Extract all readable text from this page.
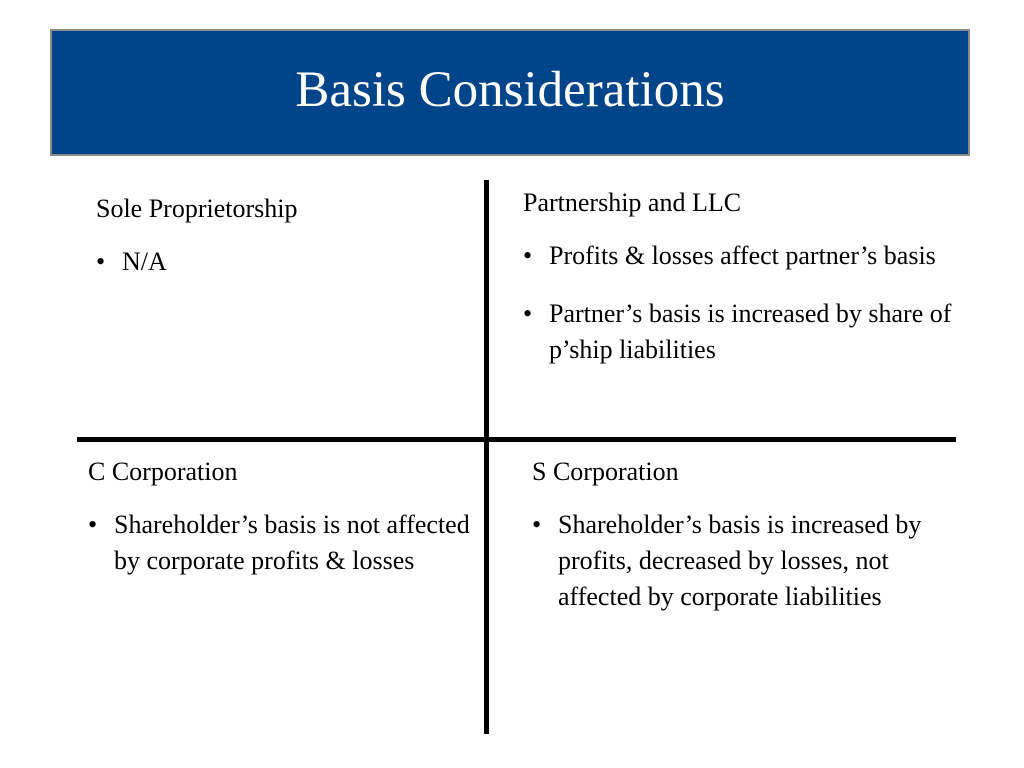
Basis Considerations

Sole Proprietorship

• N/A

Partnership and LLC

• Profits & losses affect partner’s basis
• Partner’s basis is increased by share of p’ship liabilities

C Corporation

• Shareholder’s basis is not affected by corporate profits & losses

S Corporation

• Shareholder’s basis is increased by profits, decreased by losses, not affected by corporate liabilities
